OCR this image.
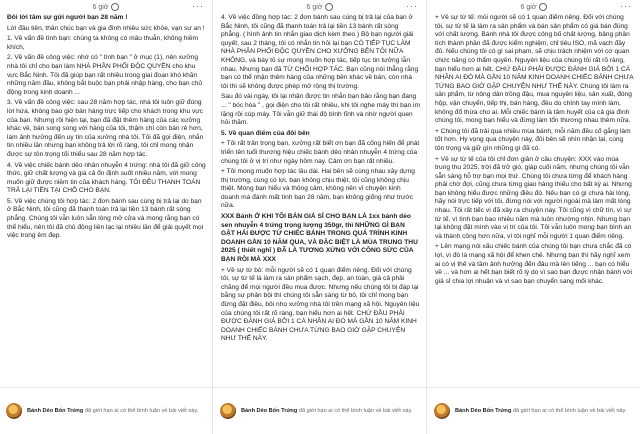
6 giờ	···

Đôi lời tâm sự gửi người bạn 28 năm !

Lời đầu tiên, thân chúc bạn và gia đình nhiều sức khỏe, vạn sự an !

1. Về vấn đề tình bạn: chúng ta không có mâu thuẫn, không hiềm khích,

2. Về vấn đề công việc: nhớ có " tình bạn " ở mục (1), nên xưởng nhà tôi chỉ cho bạn làm NHÀ PHÂN PHỐI ĐỘC QUYỀN cho khu vực Bắc Ninh. Tôi đã giúp bạn rất nhiều trong giai đoạn khó khăn những năm đầu, không bắt buộc bạn phải nhập hàng, cho bạn chủ động trong kinh doanh ...

3. Về vấn đề công việc: sau 28 năm hợp tác, nhà tôi luôn giữ đúng lời hứa, không bao giờ bán hàng trực tiếp cho khách trong khu vực của bạn. Nhưng rồi hiện tại, bạn đã đặt thêm hàng của các xưởng khác về, bán song song với hàng của tôi, thậm chí còn bán rẻ hơn, làm ảnh hưởng đến uy tín của xưởng nhà tôi. Tôi đã gọi điện, nhắn tin nhiều lần nhưng bạn không trả lời rõ ràng, tôi chỉ mong nhận được sự tôn trọng tối thiểu sau 28 năm hợp tác.

4. Về việc chiếc bánh dẻo nhân nhuyễn 4 trứng: nhà tôi đã giữ công thức, giữ chất lượng và giá cả ổn định suốt nhiều năm, với mong muốn giữ được niềm tin của khách hàng. TÔI ĐỀU THANH TOÁN TRẢ LẠI TIỀN TẠI CHỖ CHO BẠN.

5. Về việc chúng tôi hợp tác: 2 đơn bánh sau cùng bị trả lại do bạn ở Bắc Ninh, tôi cũng đã thanh toán trả lại tiền 13 bánh rất sòng phẳng. Chúng tôi vẫn luôn sẵn lòng mở cửa và mong rằng bạn có thể hiểu, nên tôi đã chủ động liên lạc lại nhiều lần để giải quyết mọi việc trong êm đẹp.

Bánh Dẻo Bốn Trứng đã giới hạn ai có thể bình luận về bài viết này.
6 giờ	···

4. Về việc đồng hợp tác: 2 đơn bánh sau cùng bị trả lại của bạn ở Bắc Ninh, tôi cũng đã thanh toán trả lại tiền 13 bánh rất sòng phẳng. ( hình ảnh tin nhắn giao dịch kèm theo ) Bộ bạn người giải quyết, sau 2 tháng, tôi có nhắn tin hỏi lại bạn CÓ TIẾP TỤC LÀM NHÀ PHÂN PHỐI ĐỘC QUYỀN CHO XƯỞNG BÊN TÔI NỮA KHÔNG, và bày tỏ sự mong muốn hợp tác, tiếp tục tin tưởng lẫn nhau. Nhưng bạn đã TỪ CHỐI HỢP TÁC. Bạn cũng nói thẳng rằng bạn có thể nhận thêm hàng của những bên khác về bán, còn nhà tôi thì sẽ không được phép mở rộng thị trường.

Sau đó vài ngày, tôi lại nhận được tin nhắn bạn bảo rằng bạn đang ... " bóc hóa " , gọi điện cho tôi rất nhiều, khi tôi nghe máy thì bạn im lặng rồi cúp máy. Tôi vẫn giữ thái độ bình tĩnh và nhờ người quen hỏi thăm.

5. Về quan điểm của đôi bên

+ Tôi rất trân trọng bạn, xưởng rất biết ơn bạn đã cống hiến để phát triển tên tuổi thương hiệu chiếc bánh dẻo nhân nhuyễn 4 trứng của chúng tôi ở vị trí như ngày hôm nay. Cảm ơn bạn rất nhiều.

+ Tôi mong muốn hợp tác lâu dài. Hai bên sẽ cùng nhau xây dựng thị trường, cùng có lợi, bạn không chịu thiệt, tôi cũng không chịu thiệt. Mong bạn hiểu và thông cảm, không nên vì chuyện kinh doanh mà đánh mất tình bạn 28 năm, bạn không giống như trước nữa.

XXX Bánh Ở KHI TÔI BÁN GIÁ SỈ CHO BẠN LÀ 1xx bánh dẻo sen nhuyễn 4 trứng trọng lượng 350gr, thì NHỮNG GÌ BẠN GẶT HÁI ĐƯỢC TỪ CHIẾC BÁNH TRONG QUÁ TRÌNH KINH DOANH GẦN 10 NĂM QUA, VÀ ĐẶC BIỆT LÀ MÙA TRUNG THU 2025 ( thiết nghĩ ) ĐÃ LÀ TƯƠNG XỨNG VỚI CÔNG SỨC CỦA BẠN RỒI MÀ XXX

+ Về sự từ bỏ: mỗi người sẽ có 1 quan điểm riêng. Đối với chúng tôi, sự từ tế là làm ra sản phẩm sạch, đẹp, an toàn, giá cả phải chăng để mọi người đều mua được. Nhưng nếu chúng tôi bị đáp lại bằng sự phản bội thì chúng tôi sẵn sàng từ bỏ, tôi chỉ mong bạn đừng đặt điều, bôi nhọ xưởng nhà tôi trên mạng xã hội. Nguyên liệu của chúng tôi rất rõ ràng, bạn hiểu hơn ai hết. CHỨ ĐẦU PHẢI ĐƯỢC ĐÁNH GIÁ BỞI 1 CÁ NHÂN AI ĐÓ MÀ GẦN 10 NĂM KINH DOANH CHIẾC BÁNH CHƯA TỪNG BAO GIỜ GẶP CHUYỆN NHƯ THẾ NÀY.

Bánh Dẻo Bốn Trứng đã giới hạn ai có thể bình luận về bài viết này.
6 giờ	···

+ Về sự từ tế: mỗi người sẽ có 1 quan điểm riêng. Đối với chúng tôi, sự từ tế là làm ra sản phẩm và bán sản phẩm có giá bán đúng với chất lượng. Bánh nhà tôi được công bố chất lượng, bảng phân tích thành phần đã được kiểm nghiệm, chỉ tiêu ISO, mã vạch đầy đủ. Nếu chúng tôi có gì sai phạm, sẽ chịu trách nhiệm với cơ quan chức năng có thẩm quyền. Nguyên liệu của chúng tôi rất rõ ràng, bạn hiểu hơn ai hết. CHỨ ĐẦU PHẢI ĐƯỢC ĐÁNH GIÁ BỞI 1 CÁ NHÂN AI ĐÓ MÀ GẦN 10 NĂM KINH DOANH CHIẾC BÁNH CHƯA TỪNG BAO GIỜ GẶP CHUYỆN NHƯ THẾ NÀY. Chúng tôi làm ra sản phẩm, từ nông dân trồng đậu, mua nguyên liệu, sản xuất, đóng hộp, vận chuyển, tiếp thị, bán hàng, đều do chính tay mình làm, không đổ thừa cho ai. Mỗi chiếc bánh là tâm huyết của cả gia đình chúng tôi, mong bạn hiểu và đừng làm tổn thương nhau thêm nữa.

+ Chúng tôi đã trải qua nhiều mùa bánh, mỗi năm đều cố gắng làm tốt hơn. Hy vọng qua chuyện này, đôi bên sẽ nhìn nhận lại, cùng tôn trọng và giữ gìn những gì đã có.

+ Về sự từ tế của tôi chỉ đơn giản ở câu chuyện: XXX vào mùa trung thu 2025, trời đã trở gió, giáp cuối năm, nhưng chúng tôi vẫn sẵn sàng hỗ trợ bạn mọi thứ. Chúng tôi chưa từng để khách hàng phải chờ đợi, cũng chưa từng giao hàng thiếu cho bất kỳ ai. Nhưng bạn không hiểu được những điều đó. Nếu bạn có gì chưa hài lòng, hãy nói trực tiếp với tôi, đừng nói với người ngoài mà làm mất lòng nhau. Tôi rất tiếc vì đã xảy ra chuyện này. Tôi cũng vì chữ tín, vì sự từ tế, vì tình bạn bao nhiêu năm mà luôn nhường nhịn. Nhưng bạn lại không đặt mình vào vị trí của tôi. Tôi vẫn luôn mong bạn bình an và thành công hơn nữa, vì tôi nghĩ mỗi người 1 quan điểm riêng.

+ Lên mạng nói xấu chiếc bánh của chúng tôi bạn chưa chắc đã có lợi, vì đó là mạng xã hội để khen chê. Nhưng bạn thì hãy nghĩ xem ai có vị thế và tầm ảnh hưởng đến đâu mà lên tiếng ... bạn có hiểu về ... và hơn ai hết bạn biết rõ lý do vì sao bạn được nhận bánh với giá sỉ chia lợi nhuận và vì sao bạn chuyển sang mối khác.

Bánh Dẻo Bốn Trứng đã giới hạn ai có thể bình luận về bài viết này.
